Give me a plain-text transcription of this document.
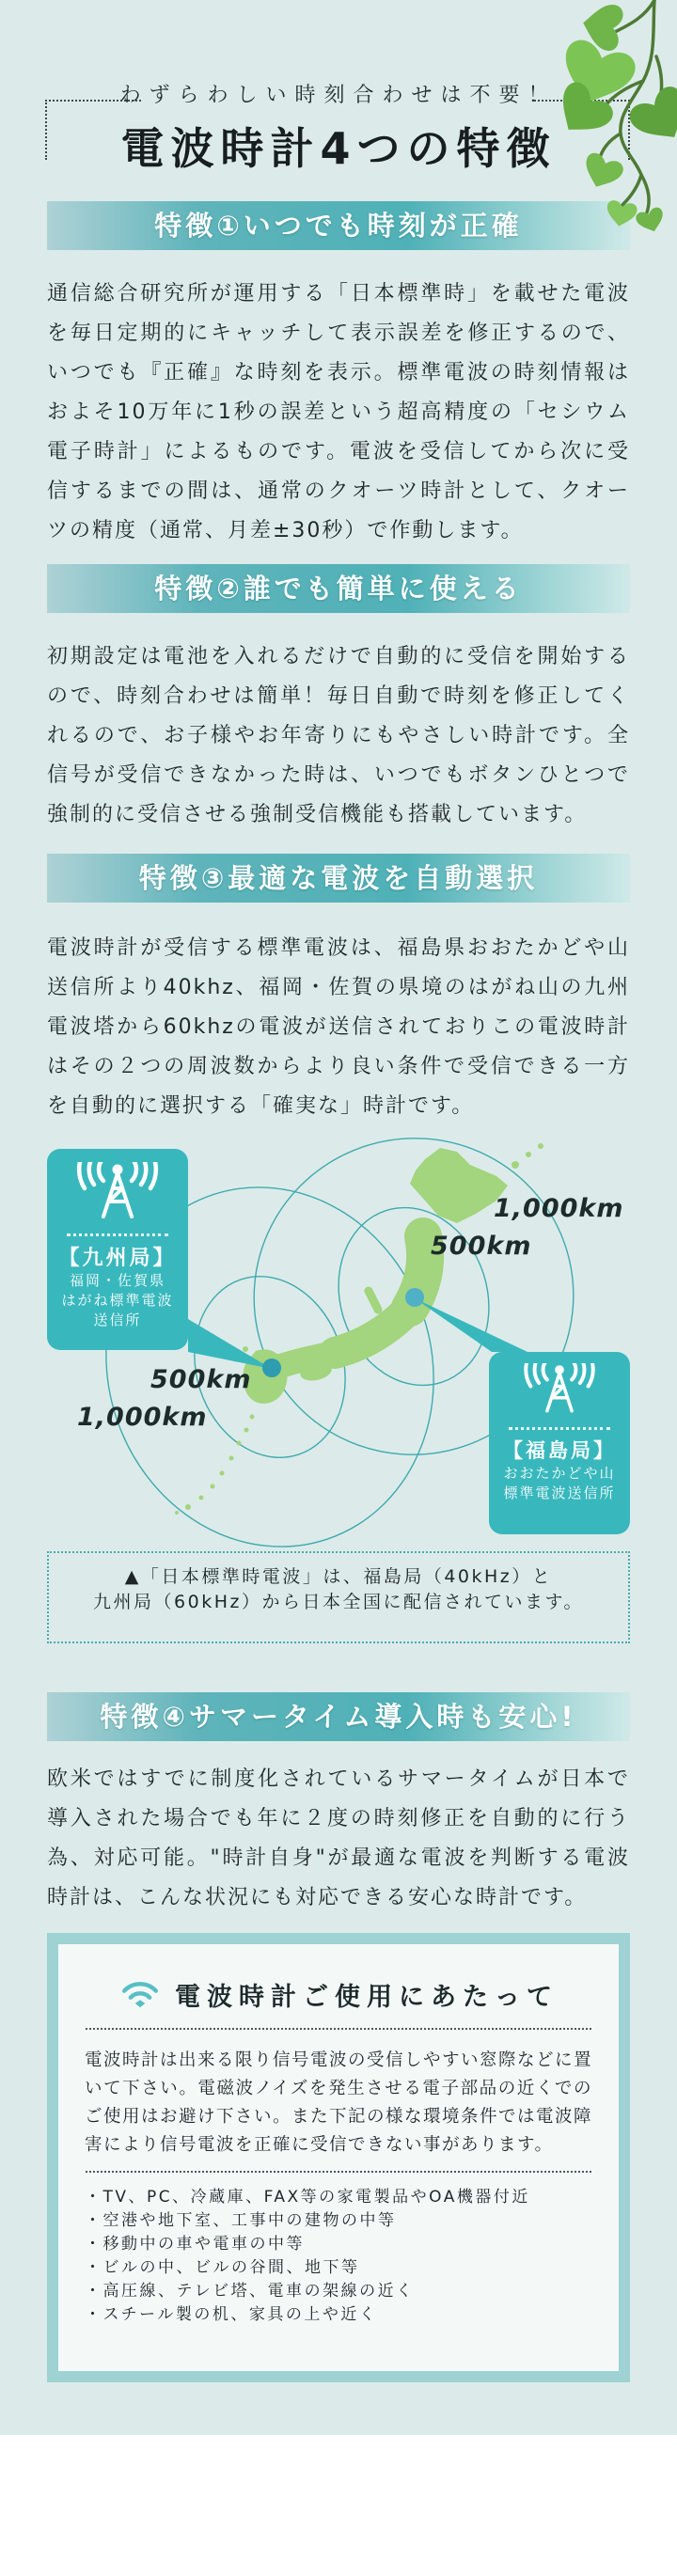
わずらわしい時刻合わせは不要！
電波時計4つの特徴
特徴①いつでも時刻が正確
通信総合研究所が運用する「日本標準時」を載せた電波を毎日定期的にキャッチして表示誤差を修正するので、いつでも『正確』な時刻を表示。標準電波の時刻情報はおよそ10万年に1秒の誤差という超高精度の「セシウム電子時計」によるものです。電波を受信してから次に受信するまでの間は、通常のクオーツ時計として、クオーツの精度（通常、月差±30秒）で作動します。
特徴②誰でも簡単に使える
初期設定は電池を入れるだけで自動的に受信を開始するので、時刻合わせは簡単！毎日自動で時刻を修正してくれるので、お子様やお年寄りにもやさしい時計です。全信号が受信できなかった時は、いつでもボタンひとつで強制的に受信させる強制受信機能も搭載しています。
特徴③最適な電波を自動選択
電波時計が受信する標準電波は、福島県おおたかどや山送信所より40khz、福岡・佐賀の県境のはがね山の九州電波塔から60khzの電波が送信されておりこの電波時計はその２つの周波数からより良い条件で受信できる一方を自動的に選択する「確実な」時計です。
【九州局】
福岡・佐賀県
はがね標準電波
送信所
【福島局】
おおたかどや山
標準電波送信所
500km
1,000km
500km
1,000km
▲「日本標準時電波」は、福島局（40kHz）と
九州局（60kHz）から日本全国に配信されています。
特徴④サマータイム導入時も安心!
欧米ではすでに制度化されているサマータイムが日本で導入された場合でも年に２度の時刻修正を自動的に行う為、対応可能。"時計自身"が最適な電波を判断する電波時計は、こんな状況にも対応できる安心な時計です。
電波時計ご使用にあたって
電波時計は出来る限り信号電波の受信しやすい窓際などに置いて下さい。電磁波ノイズを発生させる電子部品の近くでのご使用はお避け下さい。また下記の様な環境条件では電波障害により信号電波を正確に受信できない事があります。
・TV、PC、冷蔵庫、FAX等の家電製品やOA機器付近
・空港や地下室、工事中の建物の中等
・移動中の車や電車の中等
・ビルの中、ビルの谷間、地下等
・高圧線、テレビ塔、電車の架線の近く
・スチール製の机、家具の上や近く
